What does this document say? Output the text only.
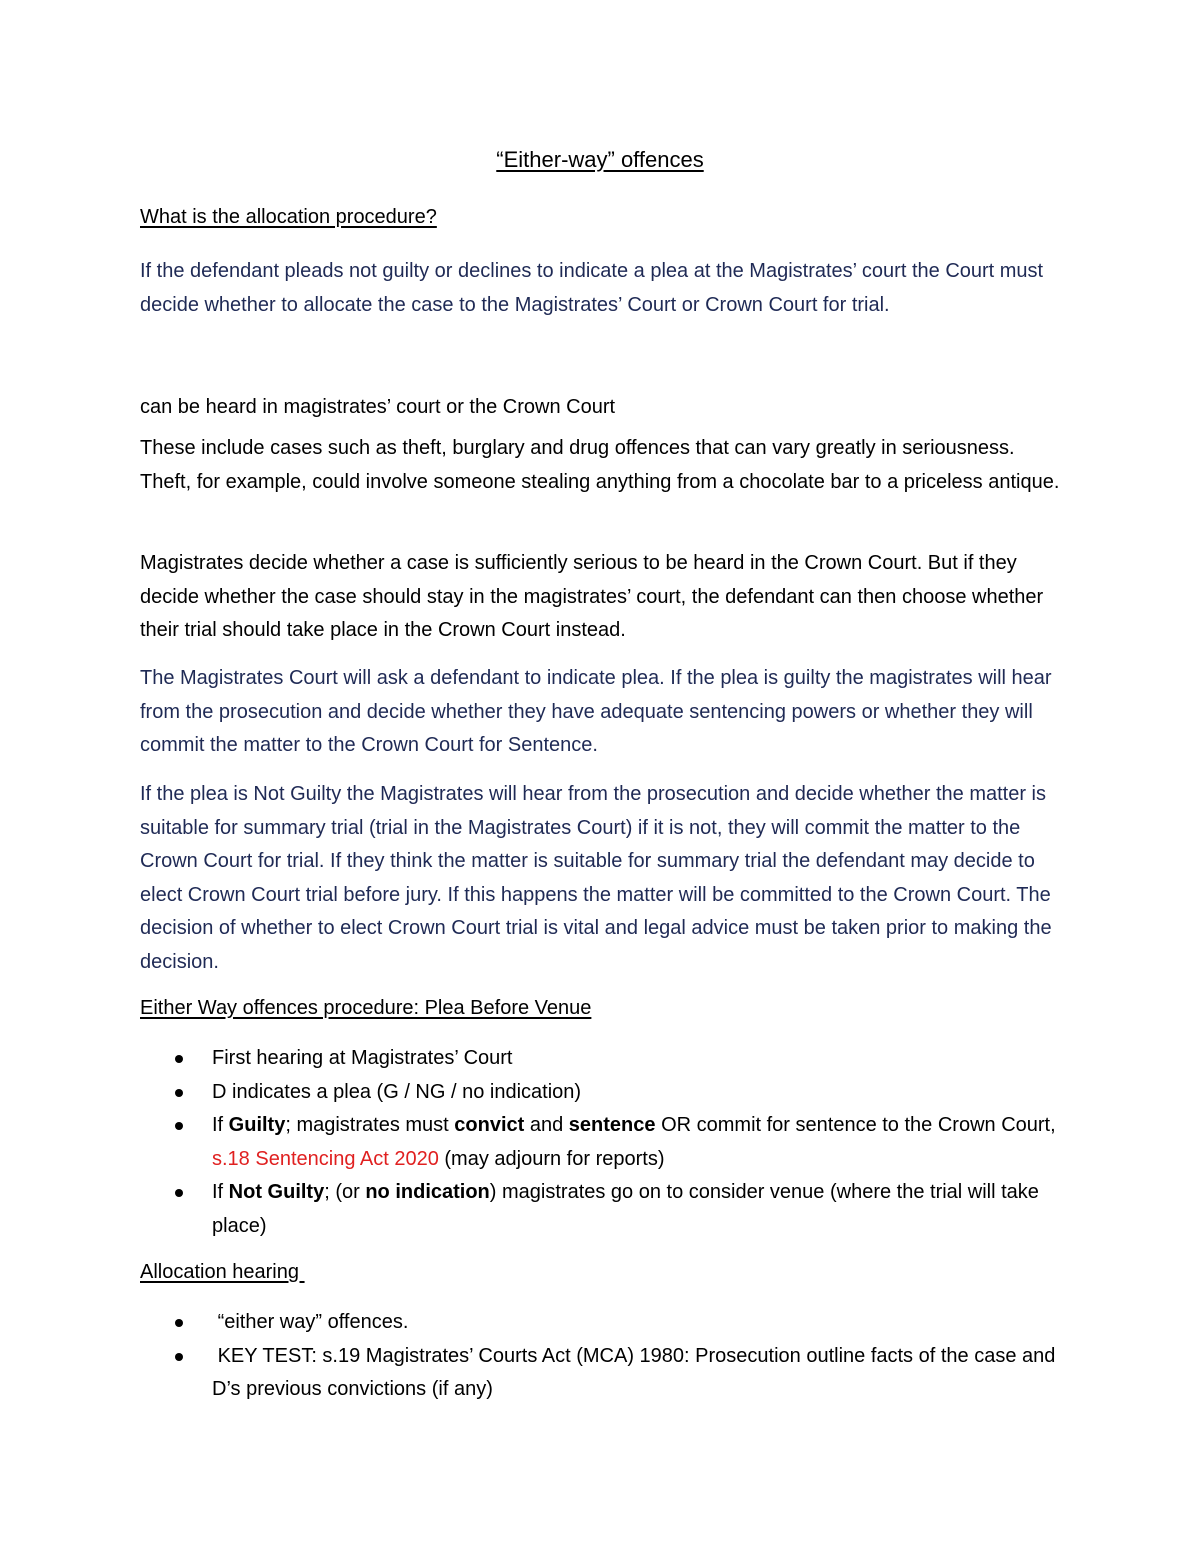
“Either-way” offences
What is the allocation procedure?
If the defendant pleads not guilty or declines to indicate a plea at the Magistrates’ court the Court must decide whether to allocate the case to the Magistrates’ Court or Crown Court for trial.
can be heard in magistrates’ court or the Crown Court
These include cases such as theft, burglary and drug offences that can vary greatly in seriousness. Theft, for example, could involve someone stealing anything from a chocolate bar to a priceless antique.
Magistrates decide whether a case is sufficiently serious to be heard in the Crown Court. But if they decide whether the case should stay in the magistrates’ court, the defendant can then choose whether their trial should take place in the Crown Court instead.
The Magistrates Court will ask a defendant to indicate plea. If the plea is guilty the magistrates will hear from the prosecution and decide whether they have adequate sentencing powers or whether they will commit the matter to the Crown Court for Sentence.
If the plea is Not Guilty the Magistrates will hear from the prosecution and decide whether the matter is suitable for summary trial (trial in the Magistrates Court) if it is not, they will commit the matter to the Crown Court for trial. If they think the matter is suitable for summary trial the defendant may decide to elect Crown Court trial before jury. If this happens the matter will be committed to the Crown Court. The decision of whether to elect Crown Court trial is vital and legal advice must be taken prior to making the decision.
Either Way offences procedure: Plea Before Venue
First hearing at Magistrates’ Court
D indicates a plea (G / NG / no indication)
If Guilty; magistrates must convict and sentence OR commit for sentence to the Crown Court, s.18 Sentencing Act 2020 (may adjourn for reports)
If Not Guilty; (or no indication) magistrates go on to consider venue (where the trial will take place)
Allocation hearing
“either way” offences.
KEY TEST: s.19 Magistrates’ Courts Act (MCA) 1980: Prosecution outline facts of the case and D’s previous convictions (if any)
